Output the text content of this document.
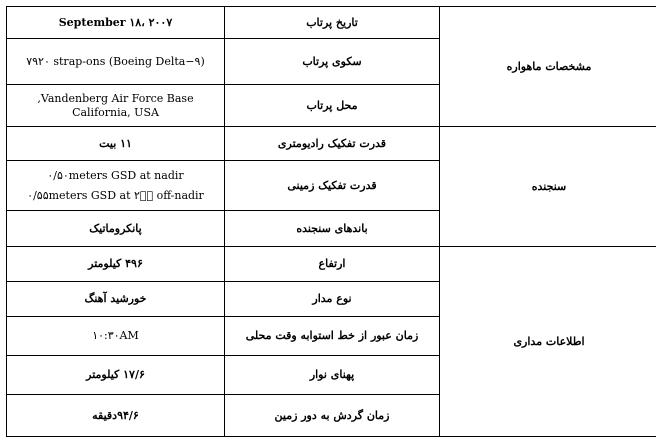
مشخصات ماهواره	تاریخ پرتاب	۲۰۰۷ ،September ۱۸
	سکوی پرتاب	(Boeing Delta−۹) ۷۹۲۰ strap-ons
	محل پرتاب	Vandenberg Air Force Base,
California, USA

سنجنده	قدرت تفکیک رادیومتری	۱۱ بیت
	قدرت تفکیک زمینی	۰/۵۰meters GSD at nadir
۰/۵۵meters GSD at ۲۰⃞ off-nadir

	باندهای سنجنده	پانکروماتیک
اطلاعات مداری	ارتفاع	۴۹۶ کیلومتر
	نوع مدار	خورشید آهنگ
	زمان عبور از خط استوابه وقت محلی	۱۰:۳۰AM
	پهنای نوار	۱۷/۶ کیلومتر
	زمان گردش به دور زمین	۹۴/۶دقیقه
